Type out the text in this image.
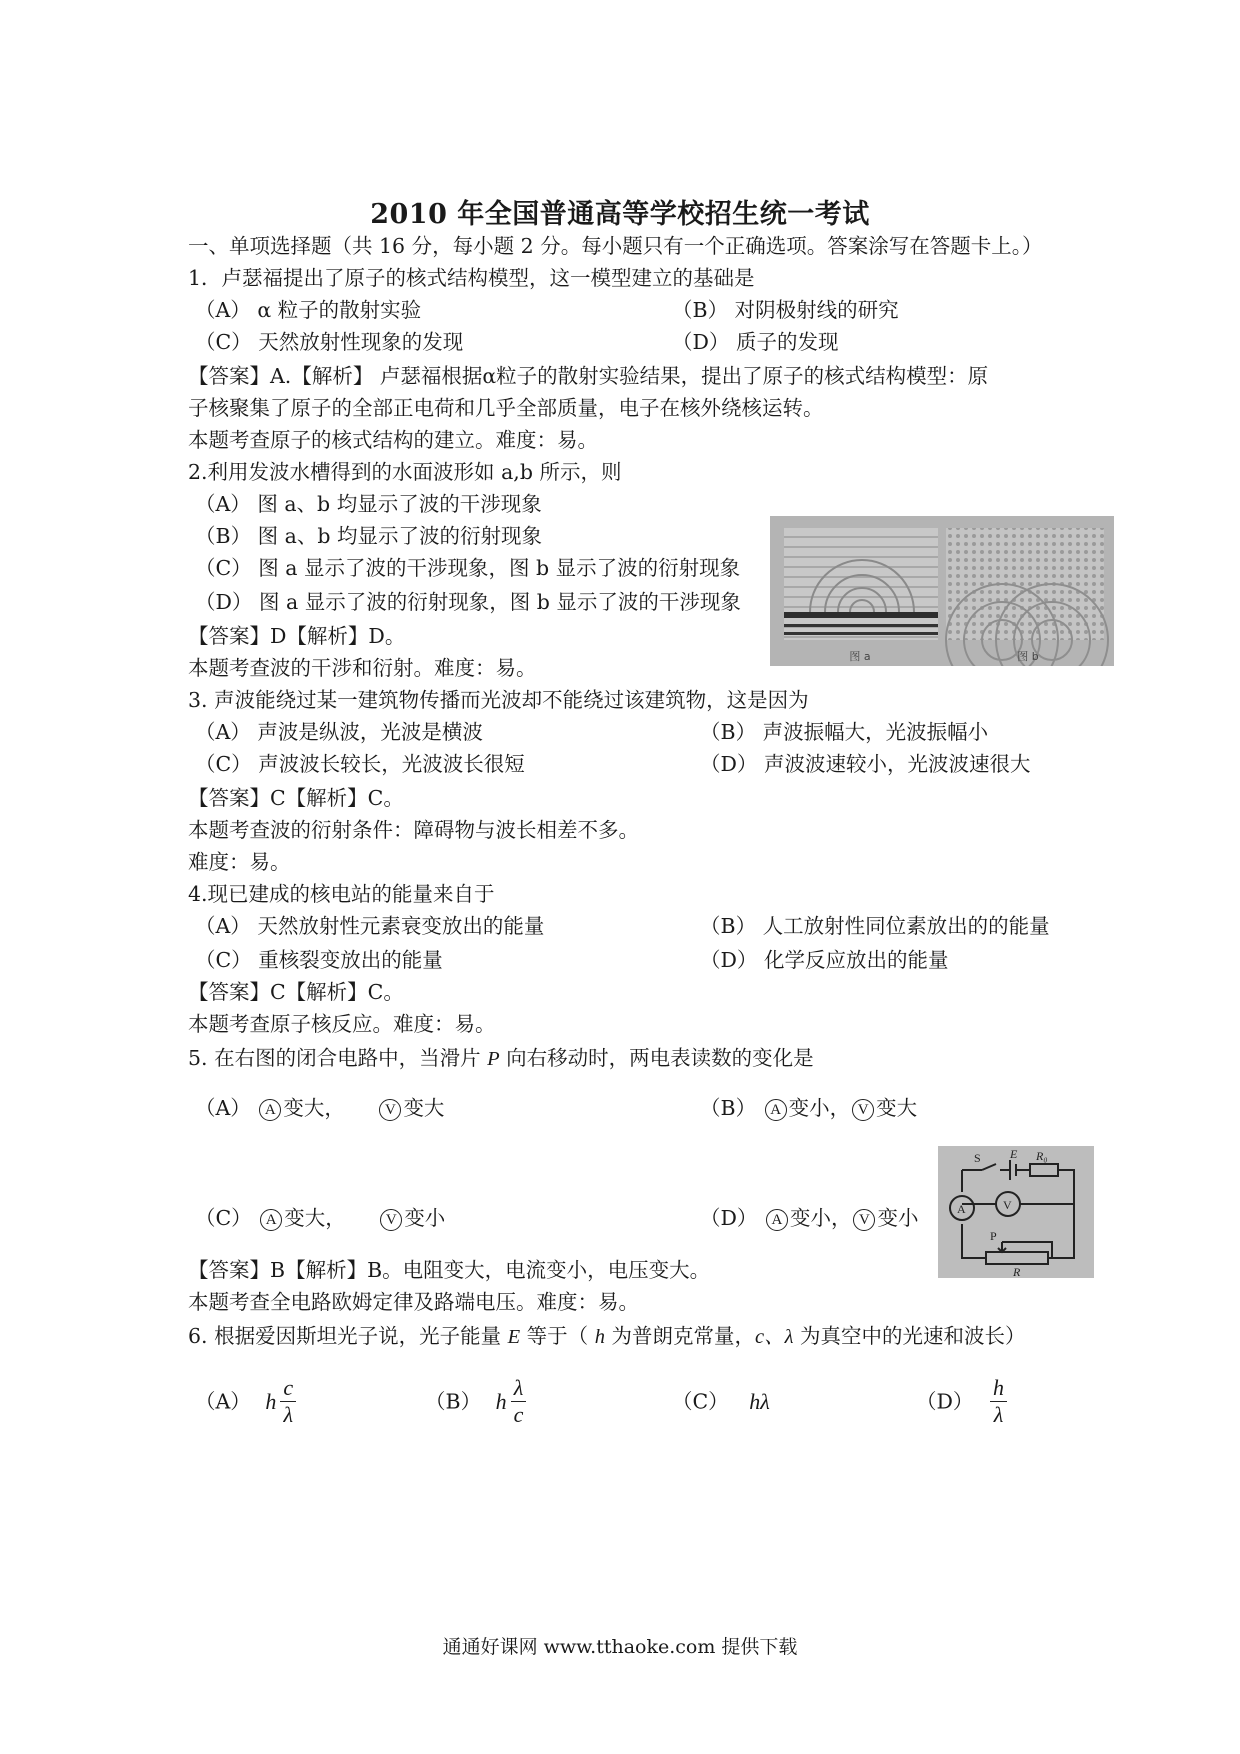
2010 年全国普通高等学校招生统一考试
一、单项选择题（共 16 分，每小题 2 分。每小题只有一个正确选项。答案涂写在答题卡上。）
1．卢瑟福提出了原子的核式结构模型，这一模型建立的基础是
（A） α 粒子的散射实验	（B） 对阴极射线的研究
（C） 天然放射性现象的发现	（D） 质子的发现
【答案】A.【解析】 卢瑟福根据α粒子的散射实验结果，提出了原子的核式结构模型：原
子核聚集了原子的全部正电荷和几乎全部质量，电子在核外绕核运转。
本题考查原子的核式结构的建立。难度：易。
2.利用发波水槽得到的水面波形如 a,b 所示，则
（A） 图 a、b 均显示了波的干涉现象
（B） 图 a、b 均显示了波的衍射现象
（C） 图 a 显示了波的干涉现象，图 b 显示了波的衍射现象
（D） 图 a 显示了波的衍射现象，图 b 显示了波的干涉现象
图 a	图 b
【答案】D【解析】D。
本题考查波的干涉和衍射。难度：易。
3. 声波能绕过某一建筑物传播而光波却不能绕过该建筑物，这是因为
（A） 声波是纵波，光波是横波	（B） 声波振幅大，光波振幅小
（C） 声波波长较长，光波波长很短	（D） 声波波速较小，光波波速很大
【答案】C【解析】C。
本题考查波的衍射条件：障碍物与波长相差不多。
难度：易。
4.现已建成的核电站的能量来自于
（A） 天然放射性元素衰变放出的能量	（B） 人工放射性同位素放出的的能量
（C） 重核裂变放出的能量	（D） 化学反应放出的能量
【答案】C【解析】C。
本题考查原子核反应。难度：易。
5. 在右图的闭合电路中，当滑片 P 向右移动时，两电表读数的变化是
S E R₀
V
A
P
R
（A） A 变大，	V 变大	（B） A 变小， V 变大
（C） A 变大，	V 变小	（D） A 变小， V 变小
【答案】B【解析】B。电阻变大，电流变小，电压变大。
本题考查全电路欧姆定律及路端电压。难度：易。
6. 根据爱因斯坦光子说，光子能量 E 等于（ h 为普朗克常量，c、λ 为真空中的光速和波长）
（A） h $\frac{c}{\lambda}$	（B） h $\frac{\lambda}{c}$	（C） hλ	$(D) \frac{h}{\lambda}$
通通好课网 www.tthaoke.com 提供下载
